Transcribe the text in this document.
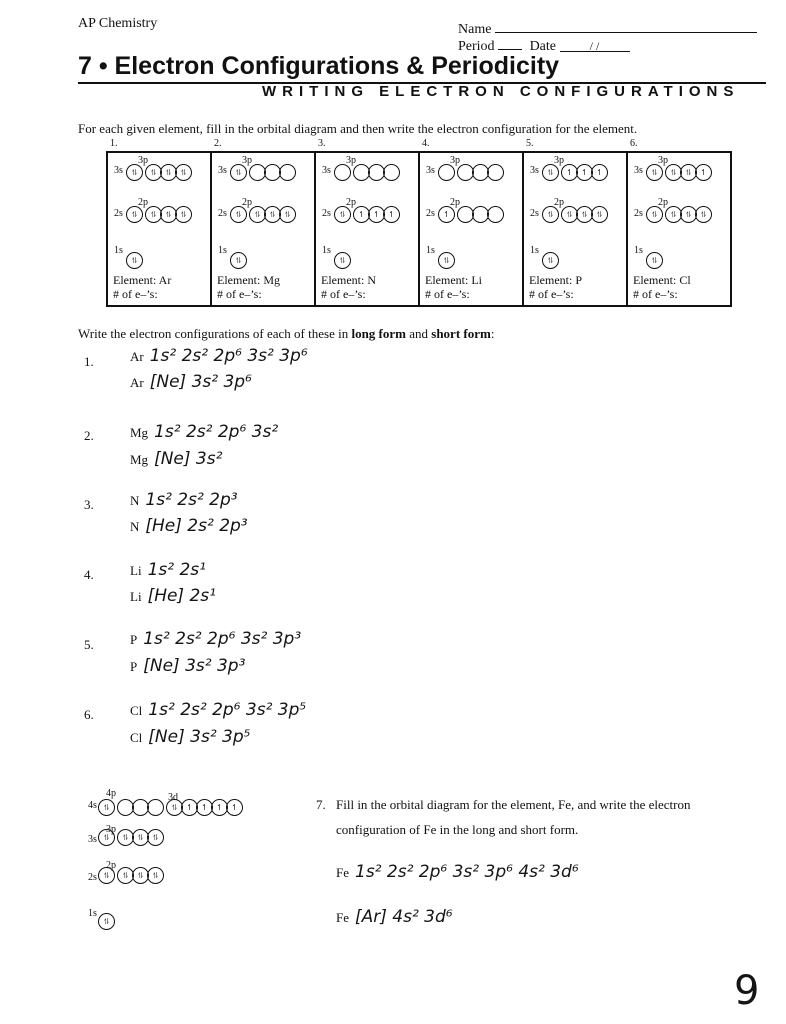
AP Chemistry	Name
Period	Date	/ /
7 • Electron Configurations & Periodicity
WRITING ELECTRON CONFIGURATIONS
For each given element, fill in the orbital diagram and then write the electron configuration for the element.
1.
3s
3p
⥮ ⥮ ⥮ ⥮
2s
2p
⥮ ⥮ ⥮ ⥮
1s
⥮
Element: Ar
# of e–’s:

2.
3s
3p
⥮
2s
2p
⥮ ⥮ ⥮ ⥮
1s
⥮
Element: Mg
# of e–’s:

3.
3s
3p

2s
2p
⥮ ↿ ↿ ↿
1s
⥮
Element: N
# of e–’s:

4.
3s
3p

2s
2p
↿
1s
⥮
Element: Li
# of e–’s:

5.
3s
3p
⥮ ↿ ↿ ↿
2s
2p
⥮ ⥮ ⥮ ⥮
1s
⥮
Element: P
# of e–’s:

6.
3s
3p
⥮ ⥮ ⥮ ↿
2s
2p
⥮ ⥮ ⥮ ⥮
1s
⥮
Element: Cl
# of e–’s:
Write the electron configurations of each of these in long form and short form:
1.	Ar 1s² 2s² 2p⁶ 3s² 3p⁶
Ar [Ne] 3s² 3p⁶
2.	Mg 1s² 2s² 2p⁶ 3s²
Mg [Ne] 3s²
3.	N 1s² 2s² 2p³
N [He] 2s² 2p³
4.	Li 1s² 2s¹
Li [He] 2s¹
5.	P 1s² 2s² 2p⁶ 3s² 3p³
P [Ne] 3s² 3p³
6.	Cl 1s² 2s² 2p⁶ 3s² 3p⁵
Cl [Ne] 3s² 3p⁵
7. Fill in the orbital diagram for the element, Fe, and write the electron
configuration of Fe in the long and short form.
Fe 1s² 2s² 2p⁶ 3s² 3p⁶ 4s² 3d⁶
Fe [Ar] 4s² 3d⁶
4p	3d
4s ⥮	⥮ ↿ ↿ ↿ ↿
3s
3p
⥮ ⥮ ⥮ ⥮
2s
2p
⥮ ⥮ ⥮ ⥮
1s
⥮
9
